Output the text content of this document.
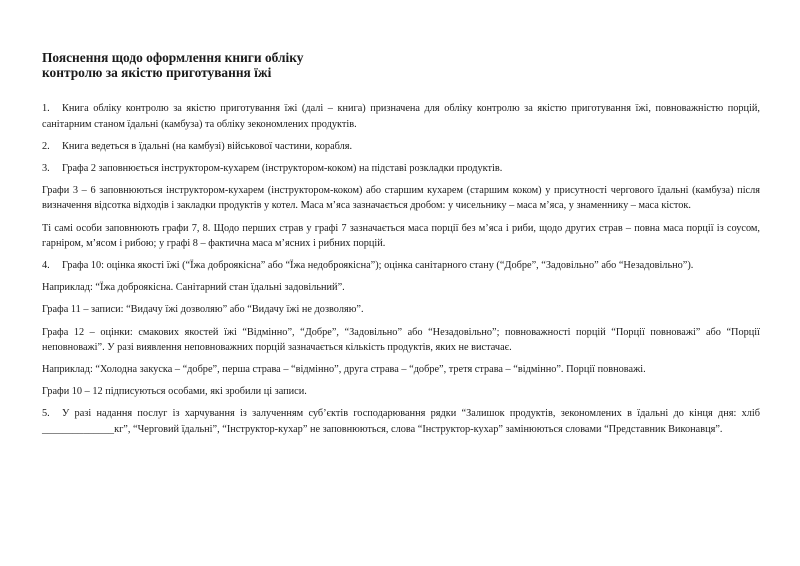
Пояснення щодо оформлення книги обліку
контролю за якістю приготування їжі

1. Книга обліку контролю за якістю приготування їжі (далі – книга) призначена для обліку контролю за якістю приготування їжі, повноважністю порцій, санітарним станом їдальні (камбуза) та обліку зекономлених продуктів.

2. Книга ведеться в їдальні (на камбузі) військової частини, корабля.

3. Графа 2 заповнюється інструктором-кухарем (інструктором-коком) на підставі розкладки продуктів.

Графи 3 – 6 заповнюються інструктором-кухарем (інструктором-коком) або старшим кухарем (старшим коком) у присутності чергового їдальні (камбуза) після визначення відсотка відходів і закладки продуктів у котел. Маса м’яса зазначається дробом: у чисельнику – маса м’яса, у знаменнику – маса кісток.

Ті самі особи заповнюють графи 7, 8. Щодо перших страв у графі 7 зазначається маса порції без м’яса і риби, щодо других страв – повна маса порції із соусом, гарніром, м’ясом і рибою; у графі 8 – фактична маса м’ясних і рибних порцій.

4. Графа 10: оцінка якості їжі (“Їжа доброякісна” або “Їжа недоброякісна”); оцінка санітарного стану (“Добре”, “Задовільно” або “Незадовільно”).

Наприклад: “Їжа доброякісна. Санітарний стан їдальні задовільний”.

Графа 11 – записи: “Видачу їжі дозволяю” або “Видачу їжі не дозволяю”.

Графа 12 – оцінки: смакових якостей їжі “Відмінно”, “Добре”, “Задовільно” або “Незадовільно”; повноважності порцій “Порції повноважі” або “Порції неповноважі”. У разі виявлення неповноважних порцій зазначається кількість продуктів, яких не вистачає.

Наприклад: “Холодна закуска – “добре”, перша страва – “відмінно”, друга страва – “добре”, третя страва – “відмінно”. Порції повноважі.

Графи 10 – 12 підписуються особами, які зробили ці записи.

5. У разі надання послуг із харчування із залученням суб’єктів господарювання рядки “Залишок продуктів, зекономлених в їдальні до кінця дня: хліб ______________кг”, “Черговий їдальні”, “Інструктор-кухар” не заповнюються, слова “Інструктор-кухар” замінюються словами “Представник Виконавця”.
